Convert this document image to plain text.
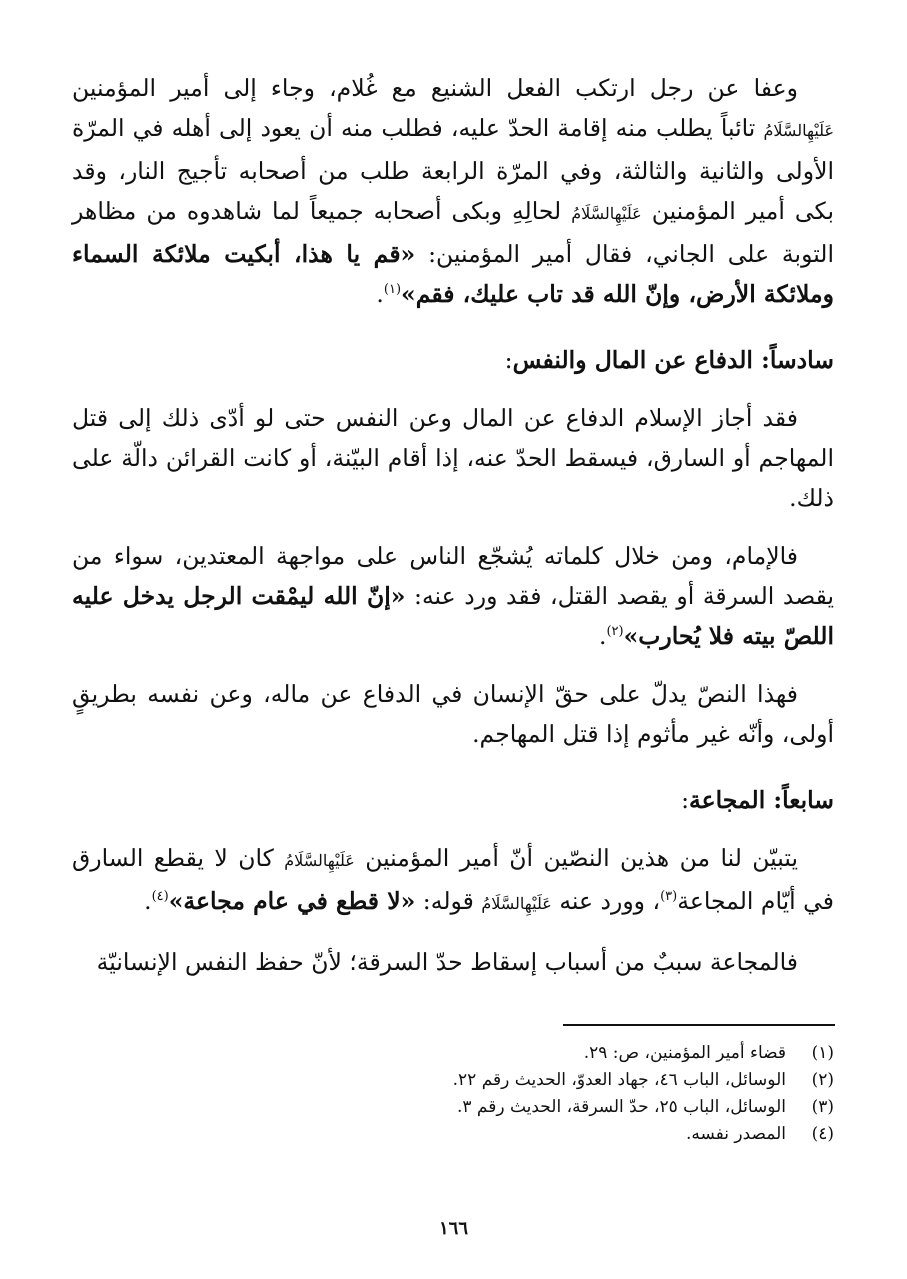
وعفا عن رجل ارتكب الفعل الشنيع مع غُلام، وجاء إلى أمير المؤمنين عَلَيْهِالسَّلَامُ تائباً يطلب منه إقامة الحدّ عليه، فطلب منه أن يعود إلى أهله في المرّة الأولى والثانية والثالثة، وفي المرّة الرابعة طلب من أصحابه تأجيج النار، وقد بكى أمير المؤمنين عَلَيْهِالسَّلَامُ لحالِهِ وبكى أصحابه جميعاً لما شاهدوه من مظاهر التوبة على الجاني، فقال أمير المؤمنين: «قم يا هذا، أبكيت ملائكة السماء وملائكة الأرض، وإنّ الله قد تاب عليك، فقم»$^{(١)}$.

سادساً: الدفاع عن المال والنفس:

فقد أجاز الإسلام الدفاع عن المال وعن النفس حتى لو أدّى ذلك إلى قتل المهاجم أو السارق، فيسقط الحدّ عنه، إذا أقام البيّنة، أو كانت القرائن دالّة على ذلك.

فالإمام، ومن خلال كلماته يُشجّع الناس على مواجهة المعتدين، سواء من يقصد السرقة أو يقصد القتل، فقد ورد عنه: «إنّ الله ليمْقت الرجل يدخل عليه اللصّ بيته فلا يُحارب»$^{(٢)}$.

فهذا النصّ يدلّ على حقّ الإنسان في الدفاع عن ماله، وعن نفسه بطريقٍ أولى، وأنّه غير مأثوم إذا قتل المهاجم.

سابعاً: المجاعة:

يتبيّن لنا من هذين النصّين أنّ أمير المؤمنين عَلَيْهِالسَّلَامُ كان لا يقطع السارق في أيّام المجاعة$^{(٣)}$، وورد عنه عَلَيْهِالسَّلَامُ قوله: «لا قطع في عام مجاعة»$^{(٤)}$.

فالمجاعة سببٌ من أسباب إسقاط حدّ السرقة؛ لأنّ حفظ النفس الإنسانيّة

(١)
قضاء أمير المؤمنين، ص: ٢٩.
(٢)
الوسائل، الباب ٤٦، جهاد العدوّ، الحديث رقم ٢٢.
(٣)
الوسائل، الباب ٢٥، حدّ السرقة، الحديث رقم ٣.
(٤)
المصدر نفسه.
١٦٦
